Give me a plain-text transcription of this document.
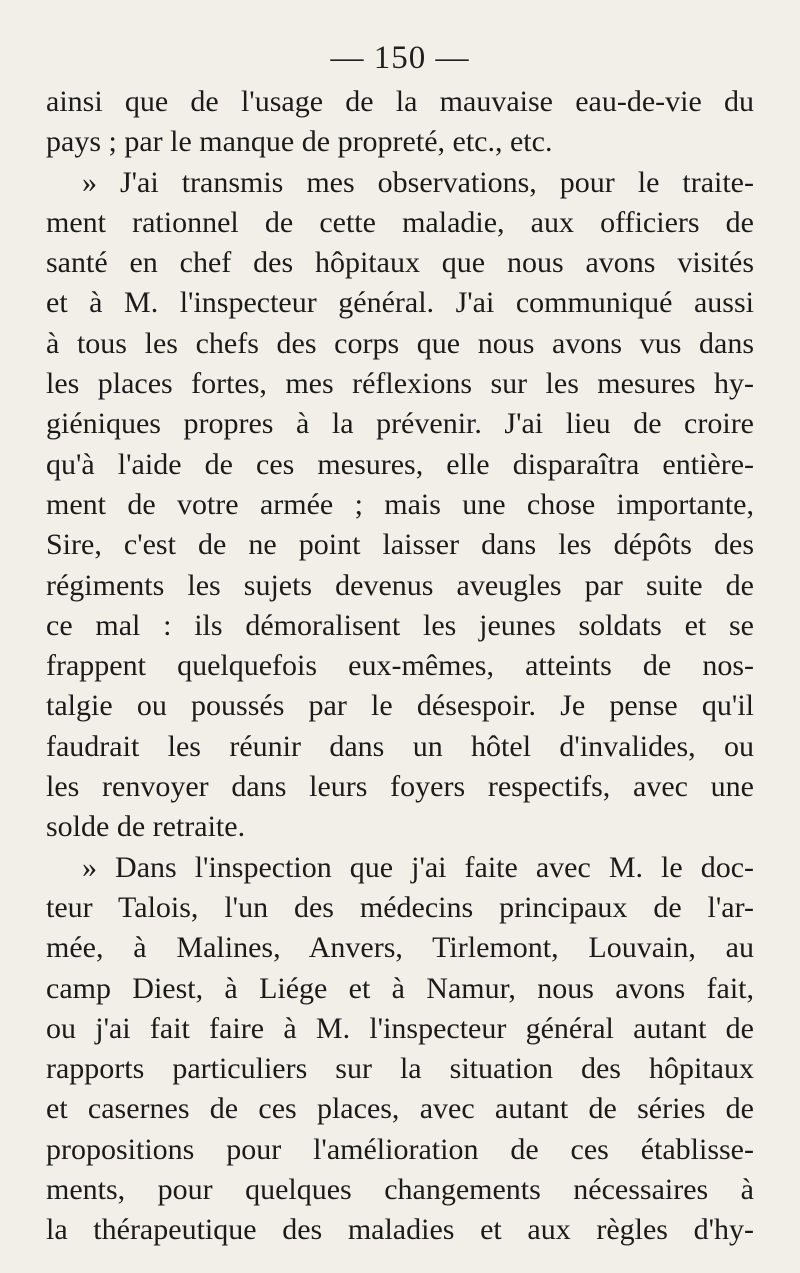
— 150 —
ainsi que de l'usage de la mauvaise eau-de-vie du
pays ; par le manque de propreté, etc., etc.
» J'ai transmis mes observations, pour le traite-
ment rationnel de cette maladie, aux officiers de
santé en chef des hôpitaux que nous avons visités
et à M. l'inspecteur général. J'ai communiqué aussi
à tous les chefs des corps que nous avons vus dans
les places fortes, mes réflexions sur les mesures hy-
giéniques propres à la prévenir. J'ai lieu de croire
qu'à l'aide de ces mesures, elle disparaîtra entière-
ment de votre armée ; mais une chose importante,
Sire, c'est de ne point laisser dans les dépôts des
régiments les sujets devenus aveugles par suite de
ce mal : ils démoralisent les jeunes soldats et se
frappent quelquefois eux-mêmes, atteints de nos-
talgie ou poussés par le désespoir. Je pense qu'il
faudrait les réunir dans un hôtel d'invalides, ou
les renvoyer dans leurs foyers respectifs, avec une
solde de retraite.
» Dans l'inspection que j'ai faite avec M. le doc-
teur Talois, l'un des médecins principaux de l'ar-
mée, à Malines, Anvers, Tirlemont, Louvain, au
camp Diest, à Liége et à Namur, nous avons fait,
ou j'ai fait faire à M. l'inspecteur général autant de
rapports particuliers sur la situation des hôpitaux
et casernes de ces places, avec autant de séries de
propositions pour l'amélioration de ces établisse-
ments, pour quelques changements nécessaires à
la thérapeutique des maladies et aux règles d'hy-
